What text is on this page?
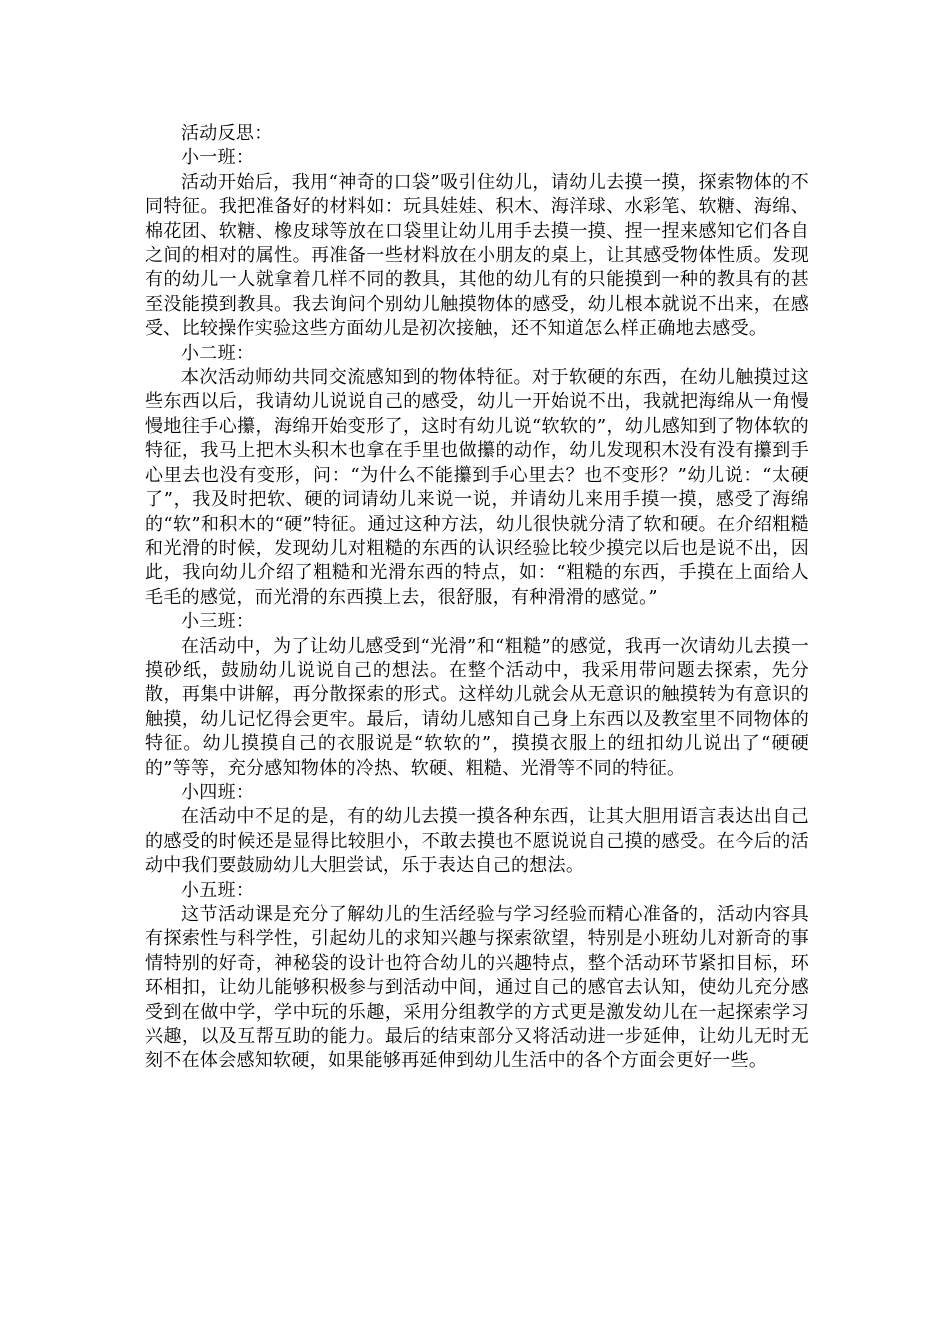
活动反思：

小一班：

活动开始后，我用“神奇的口袋”吸引住幼儿，请幼儿去摸一摸，探索物体的不同特征。我把准备好的材料如：玩具娃娃、积木、海洋球、水彩笔、软糖、海绵、棉花团、软糖、橡皮球等放在口袋里让幼儿用手去摸一摸、捏一捏来感知它们各自之间的相对的属性。再准备一些材料放在小朋友的桌上，让其感受物体性质。发现有的幼儿一人就拿着几样不同的教具，其他的幼儿有的只能摸到一种的教具有的甚至没能摸到教具。我去询问个别幼儿触摸物体的感受，幼儿根本就说不出来，在感受、比较操作实验这些方面幼儿是初次接触，还不知道怎么样正确地去感受。

小二班：

本次活动师幼共同交流感知到的物体特征。对于软硬的东西，在幼儿触摸过这些东西以后，我请幼儿说说自己的感受，幼儿一开始说不出，我就把海绵从一角慢慢地往手心攥，海绵开始变形了，这时有幼儿说“软软的”，幼儿感知到了物体软的特征，我马上把木头积木也拿在手里也做攥的动作，幼儿发现积木没有没有攥到手心里去也没有变形，问：“为什么不能攥到手心里去？也不变形？”幼儿说：“太硬了”，我及时把软、硬的词请幼儿来说一说，并请幼儿来用手摸一摸，感受了海绵的“软”和积木的“硬”特征。通过这种方法，幼儿很快就分清了软和硬。在介绍粗糙和光滑的时候，发现幼儿对粗糙的东西的认识经验比较少摸完以后也是说不出，因此，我向幼儿介绍了粗糙和光滑东西的特点，如：“粗糙的东西，手摸在上面给人毛毛的感觉，而光滑的东西摸上去，很舒服，有种滑滑的感觉。”

小三班：

在活动中，为了让幼儿感受到“光滑”和“粗糙”的感觉，我再一次请幼儿去摸一摸砂纸，鼓励幼儿说说自己的想法。在整个活动中，我采用带问题去探索，先分散，再集中讲解，再分散探索的形式。这样幼儿就会从无意识的触摸转为有意识的触摸，幼儿记忆得会更牢。最后，请幼儿感知自己身上东西以及教室里不同物体的特征。幼儿摸摸自己的衣服说是“软软的”，摸摸衣服上的纽扣幼儿说出了“硬硬的”等等，充分感知物体的冷热、软硬、粗糙、光滑等不同的特征。

小四班：

在活动中不足的是，有的幼儿去摸一摸各种东西，让其大胆用语言表达出自己的感受的时候还是显得比较胆小，不敢去摸也不愿说说自己摸的感受。在今后的活动中我们要鼓励幼儿大胆尝试，乐于表达自己的想法。

小五班：

这节活动课是充分了解幼儿的生活经验与学习经验而精心准备的，活动内容具有探索性与科学性，引起幼儿的求知兴趣与探索欲望，特别是小班幼儿对新奇的事情特别的好奇，神秘袋的设计也符合幼儿的兴趣特点，整个活动环节紧扣目标，环环相扣，让幼儿能够积极参与到活动中间，通过自己的感官去认知，使幼儿充分感受到在做中学，学中玩的乐趣，采用分组教学的方式更是激发幼儿在一起探索学习兴趣，以及互帮互助的能力。最后的结束部分又将活动进一步延伸，让幼儿无时无刻不在体会感知软硬，如果能够再延伸到幼儿生活中的各个方面会更好一些。
